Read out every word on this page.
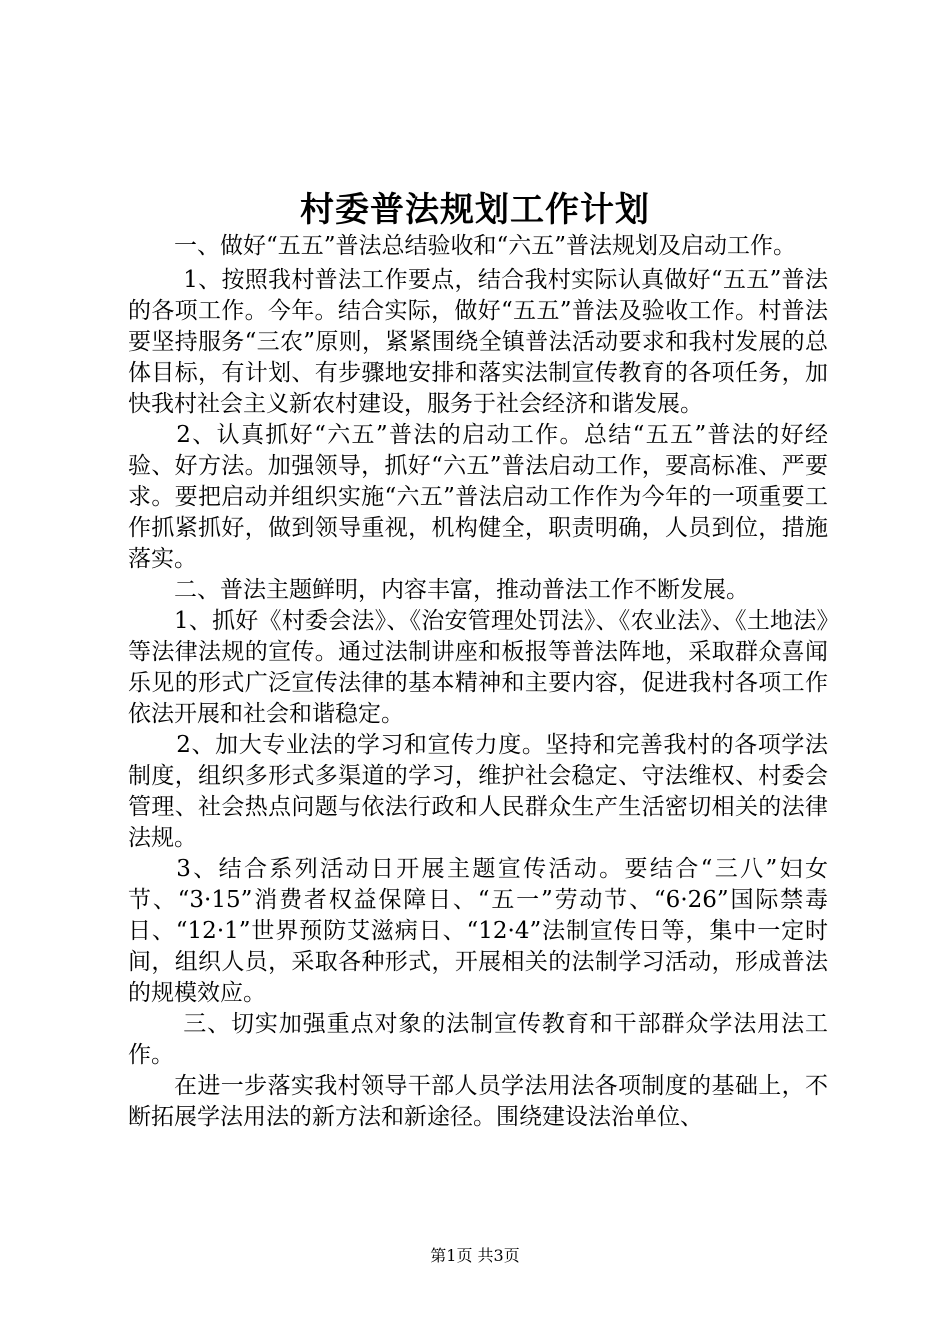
村委普法规划工作计划

一、做好“五五”普法总结验收和“六五”普法规划及启动工作。

1、按照我村普法工作要点，结合我村实际认真做好“五五”普法的各项工作。今年。结合实际，做好“五五”普法及验收工作。村普法要坚持服务“三农”原则，紧紧围绕全镇普法活动要求和我村发展的总体目标，有计划、有步骤地安排和落实法制宣传教育的各项任务，加快我村社会主义新农村建设，服务于社会经济和谐发展。

2、认真抓好“六五”普法的启动工作。总结“五五”普法的好经验、好方法。加强领导，抓好“六五”普法启动工作，要高标准、严要求。要把启动并组织实施“六五”普法启动工作作为今年的一项重要工作抓紧抓好，做到领导重视，机构健全，职责明确，人员到位，措施落实。

二、普法主题鲜明，内容丰富，推动普法工作不断发展。

1、抓好《村委会法》、《治安管理处罚法》、《农业法》、《土地法》等法律法规的宣传。通过法制讲座和板报等普法阵地，采取群众喜闻乐见的形式广泛宣传法律的基本精神和主要内容，促进我村各项工作依法开展和社会和谐稳定。

2、加大专业法的学习和宣传力度。坚持和完善我村的各项学法制度，组织多形式多渠道的学习，维护社会稳定、守法维权、村委会管理、社会热点问题与依法行政和人民群众生产生活密切相关的法律法规。

3、结合系列活动日开展主题宣传活动。要结合“三八”妇女节、“3·15”消费者权益保障日、“五一”劳动节、“6·26”国际禁毒日、“12·1”世界预防艾滋病日、“12·4”法制宣传日等，集中一定时间，组织人员，采取各种形式，开展相关的法制学习活动，形成普法的规模效应。

三、切实加强重点对象的法制宣传教育和干部群众学法用法工作。

在进一步落实我村领导干部人员学法用法各项制度的基础上，不断拓展学法用法的新方法和新途径。围绕建设法治单位、

第1页 共3页
